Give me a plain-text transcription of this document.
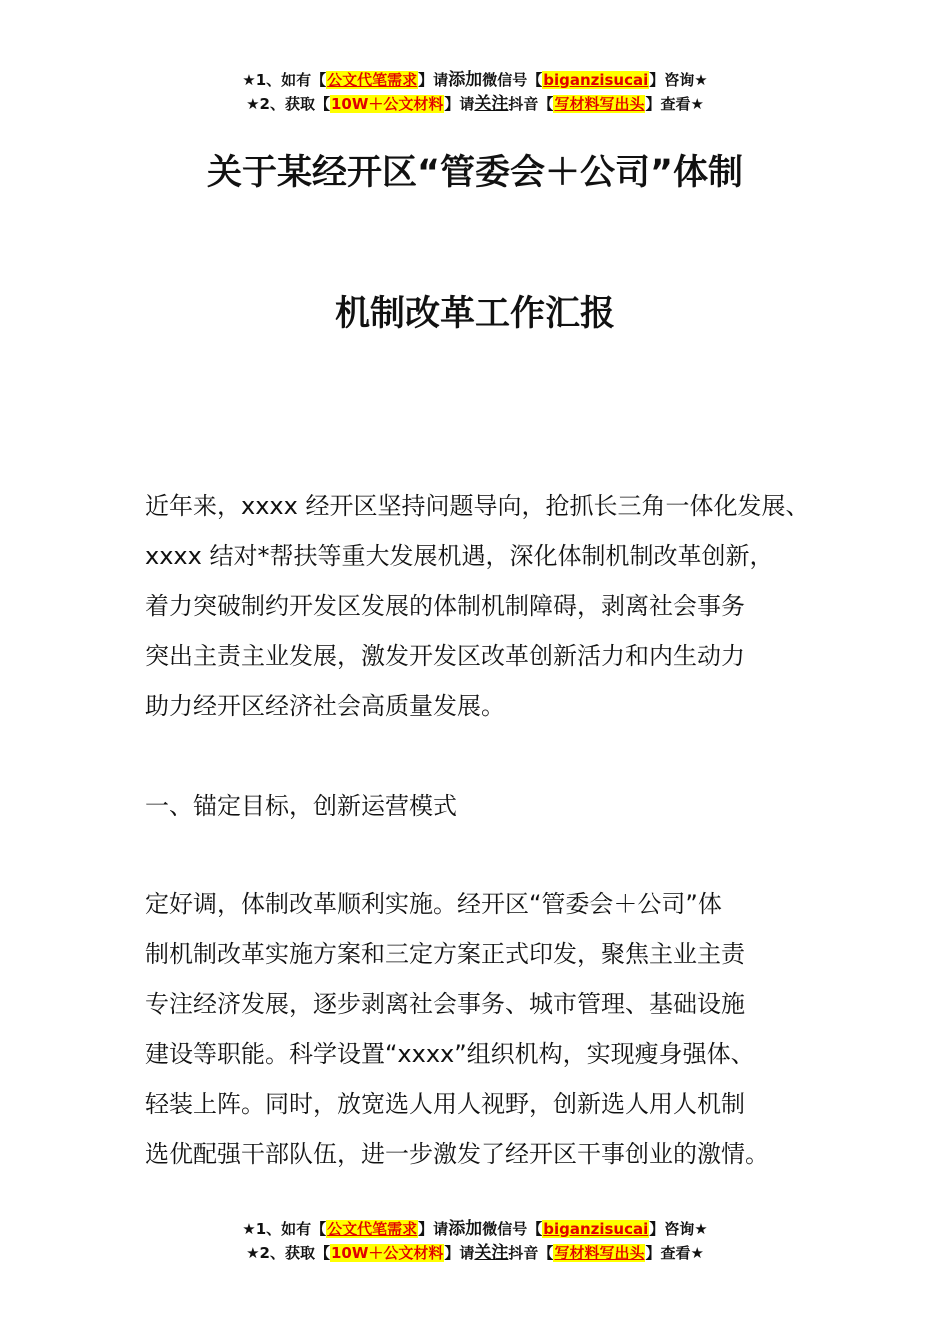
★1、如有【公文代笔需求】请添加微信号【biganzisucai】咨询★
★2、获取【10W＋公文材料】请关注抖音【写材料写出头】查看★
关于某经开区“管委会＋公司”体制
机制改革工作汇报
近年来，xxxx 经开区坚持问题导向，抢抓长三角一体化发展、
xxxx 结对*帮扶等重大发展机遇，深化体制机制改革创新，
着力突破制约开发区发展的体制机制障碍，剥离社会事务
突出主责主业发展，激发开发区改革创新活力和内生动力
助力经开区经济社会高质量发展。
一、锚定目标，创新运营模式
定好调，体制改革顺利实施。经开区“管委会＋公司”体
制机制改革实施方案和三定方案正式印发，聚焦主业主责
专注经济发展，逐步剥离社会事务、城市管理、基础设施
建设等职能。科学设置“xxxx”组织机构，实现瘦身强体、
轻装上阵。同时，放宽选人用人视野，创新选人用人机制
选优配强干部队伍，进一步激发了经开区干事创业的激情。
★1、如有【公文代笔需求】请添加微信号【biganzisucai】咨询★
★2、获取【10W＋公文材料】请关注抖音【写材料写出头】查看★
